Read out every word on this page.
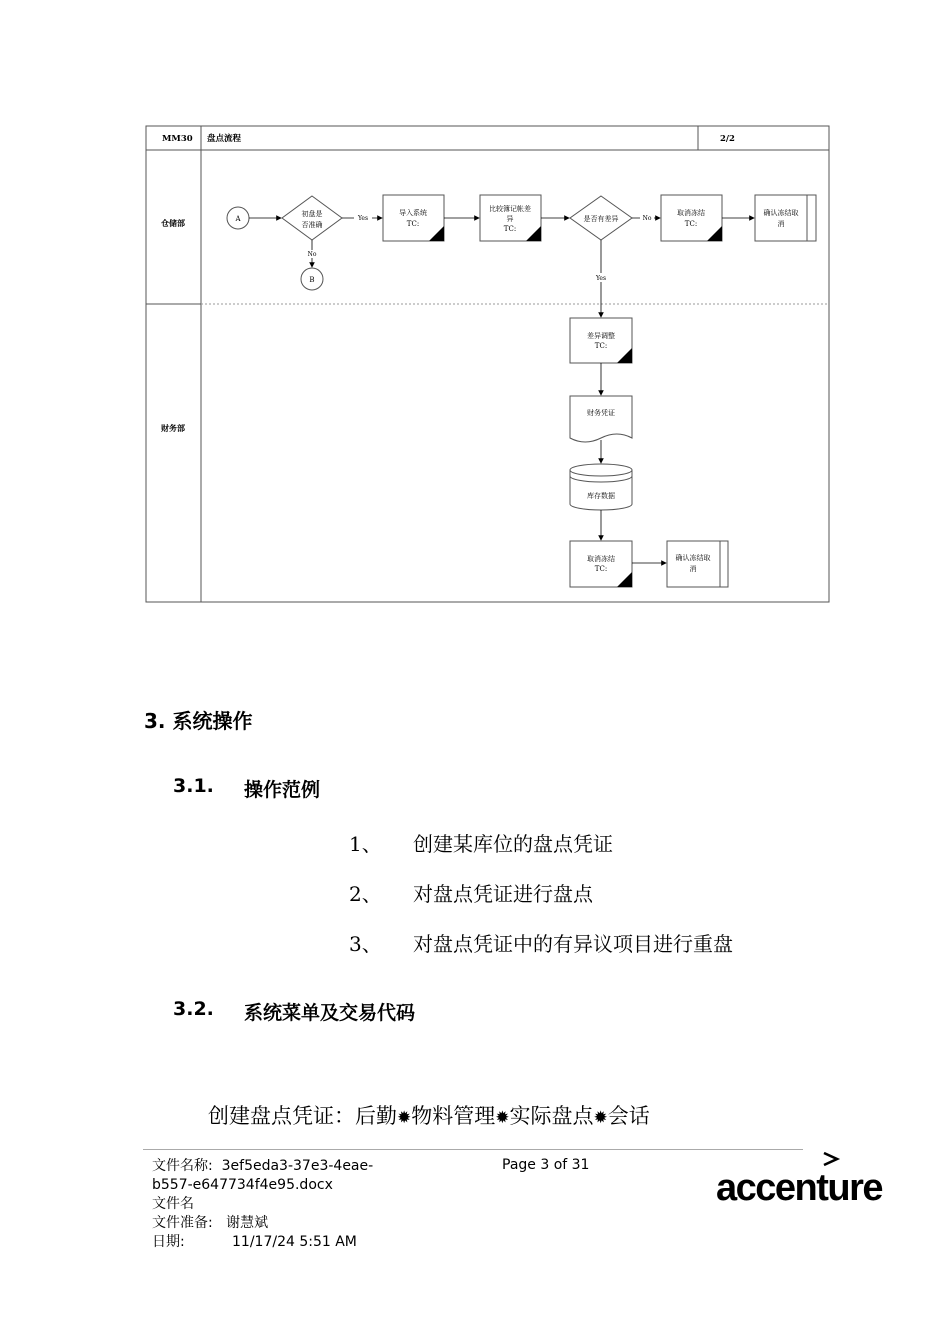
MM30 盘点流程	2/2
仓储部
财务部
A
初盘是
否准确
B
导入系统
TC:
比较簿记帐差
异
TC:
是否有差异
取消冻结
TC:
确认冻结取
消
差异调整
TC:
财务凭证
库存数据
取消冻结
TC:
确认冻结取
消
Yes
No
No
Yes
3. 系统操作
3.1. 操作范例
1、 创建某库位的盘点凭证
2、 对盘点凭证进行盘点
3、 对盘点凭证中的有异议项目进行重盘
3.2. 系统菜单及交易代码
创建盘点凭证：后勤✹物料管理✹实际盘点✹会话
文件名称: 3ef5eda3-37e3-4eae-
b557-e647734f4e95.docx
文件名
文件准备: 谢慧斌
日期:	11/17/24 5:51 AM
Page 3 of 31
accenture
